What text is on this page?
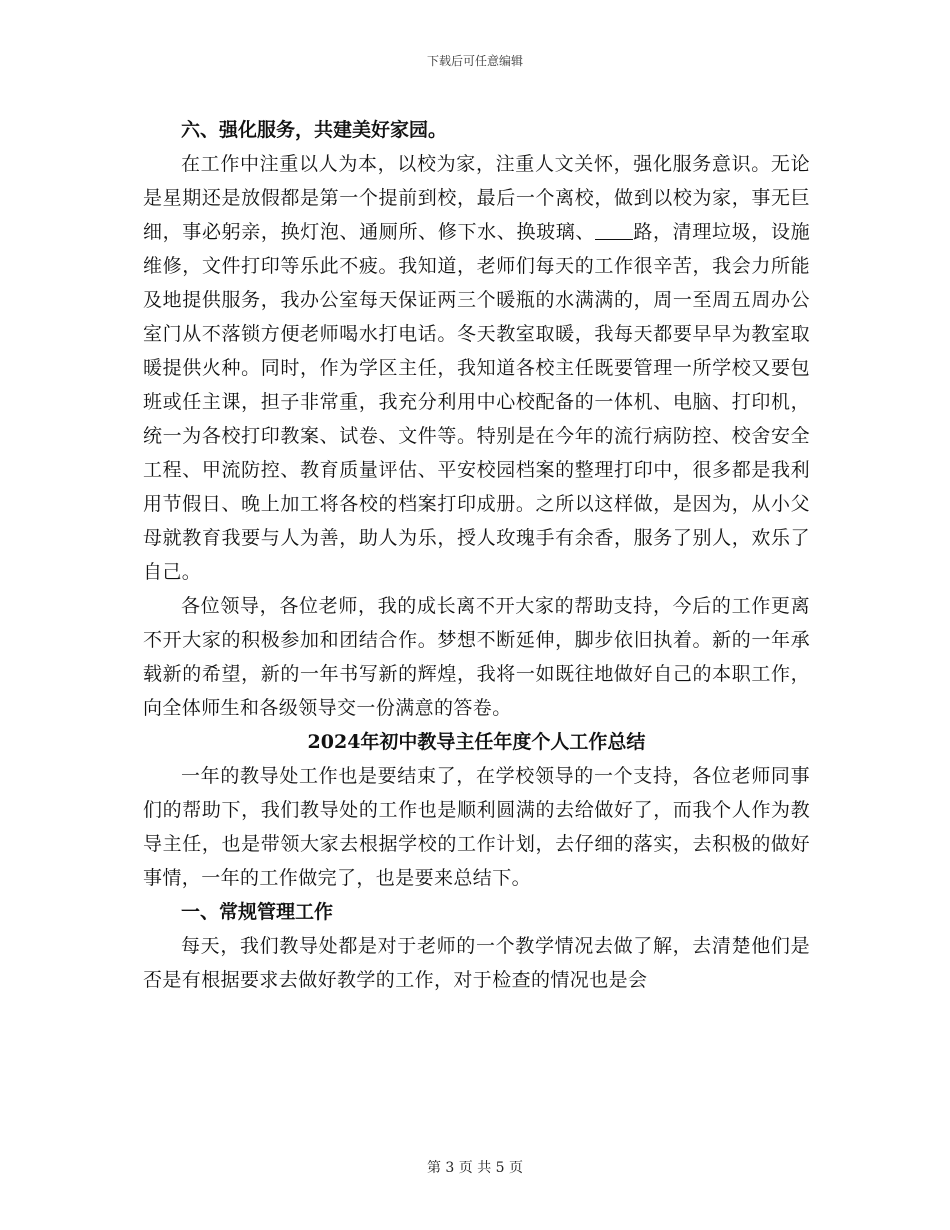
下载后可任意编辑

六、强化服务，共建美好家园。

在工作中注重以人为本，以校为家，注重人文关怀，强化服务意识。无论是星期还是放假都是第一个提前到校，最后一个离校，做到以校为家，事无巨细，事必躬亲，换灯泡、通厕所、修下水、换玻璃、 路，清理垃圾，设施维修，文件打印等乐此不疲。我知道，老师们每天的工作很辛苦，我会力所能及地提供服务，我办公室每天保证两三个暖瓶的水满满的，周一至周五周办公室门从不落锁方便老师喝水打电话。冬天教室取暖，我每天都要早早为教室取暖提供火种。同时，作为学区主任，我知道各校主任既要管理一所学校又要包班或任主课，担子非常重，我充分利用中心校配备的一体机、电脑、打印机，统一为各校打印教案、试卷、文件等。特别是在今年的流行病防控、校舍安全工程、甲流防控、教育质量评估、平安校园档案的整理打印中，很多都是我利用节假日、晚上加工将各校的档案打印成册。之所以这样做，是因为，从小父母就教育我要与人为善，助人为乐，授人玫瑰手有余香，服务了别人，欢乐了自己。

各位领导，各位老师，我的成长离不开大家的帮助支持，今后的工作更离不开大家的积极参加和团结合作。梦想不断延伸，脚步依旧执着。新的一年承载新的希望，新的一年书写新的辉煌，我将一如既往地做好自己的本职工作，向全体师生和各级领导交一份满意的答卷。

2024年初中教导主任年度个人工作总结

一年的教导处工作也是要结束了，在学校领导的一个支持，各位老师同事们的帮助下，我们教导处的工作也是顺利圆满的去给做好了，而我个人作为教导主任，也是带领大家去根据学校的工作计划，去仔细的落实，去积极的做好事情，一年的工作做完了，也是要来总结下。

一、常规管理工作

每天，我们教导处都是对于老师的一个教学情况去做了解，去清楚他们是否是有根据要求去做好教学的工作，对于检查的情况也是会

第 3 页 共 5 页
